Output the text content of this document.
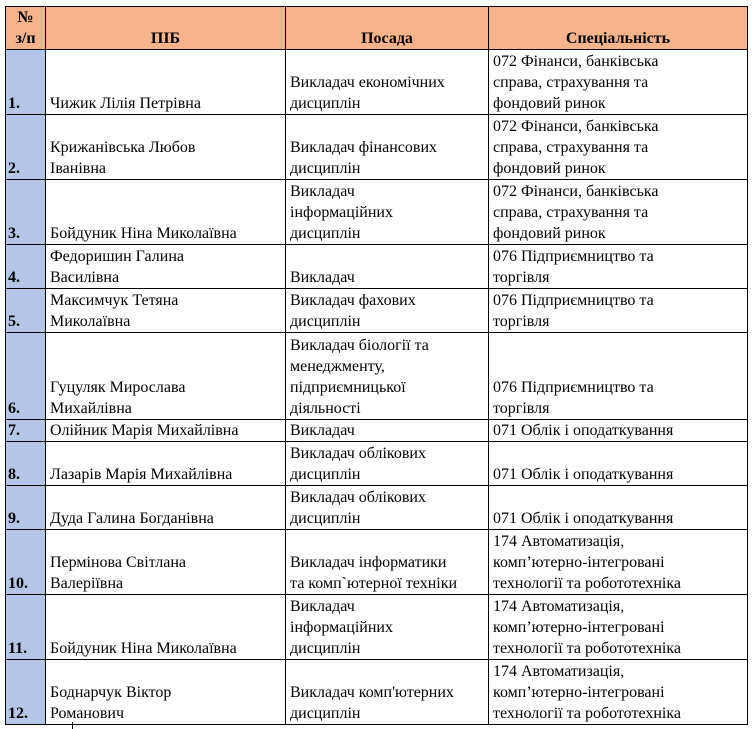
№
з/п	ПІБ	Посада	Спеціальність
1.	Чижик Лілія Петрівна	Викладач економічних
дисциплін	072 Фінанси, банківська
справа, страхування та
фондовий ринок
2.	Крижанівська Любов
Іванівна	Викладач фінансових
дисциплін	072 Фінанси, банківська
справа, страхування та
фондовий ринок
3.	Бойдуник Ніна Миколаївна	Викладач
інформаційних
дисциплін	072 Фінанси, банківська
справа, страхування та
фондовий ринок
4.	Федоришин Галина
Василівна	Викладач	076 Підприємництво та
торгівля
5.	Максимчук Тетяна
Миколаївна	Викладач фахових
дисциплін	076 Підприємництво та
торгівля
6.	Гуцуляк Мирослава
Михайлівна	Викладач біології та
менеджменту,
підприємницької
діяльності	076 Підприємництво та
торгівля
7.	Олійник Марія Михайлівна	Викладач	071 Облік і оподаткування
8.	Лазарів Марія Михайлівна	Викладач облікових
дисциплін	071 Облік і оподаткування
9.	Дуда Галина Богданівна	Викладач облікових
дисциплін	071 Облік і оподаткування
10.	Пермінова Світлана
Валеріївна	Викладач інформатики
та комп`ютерної техніки	174 Автоматизація,
комп’ютерно-інтегровані
технології та робототехніка
11.	Бойдуник Ніна Миколаївна	Викладач
інформаційних
дисциплін	174 Автоматизація,
комп’ютерно-інтегровані
технології та робототехніка
12.	Боднарчук Віктор
Романович	Викладач комп'ютерних
дисциплін	174 Автоматизація,
комп’ютерно-інтегровані
технології та робототехніка
